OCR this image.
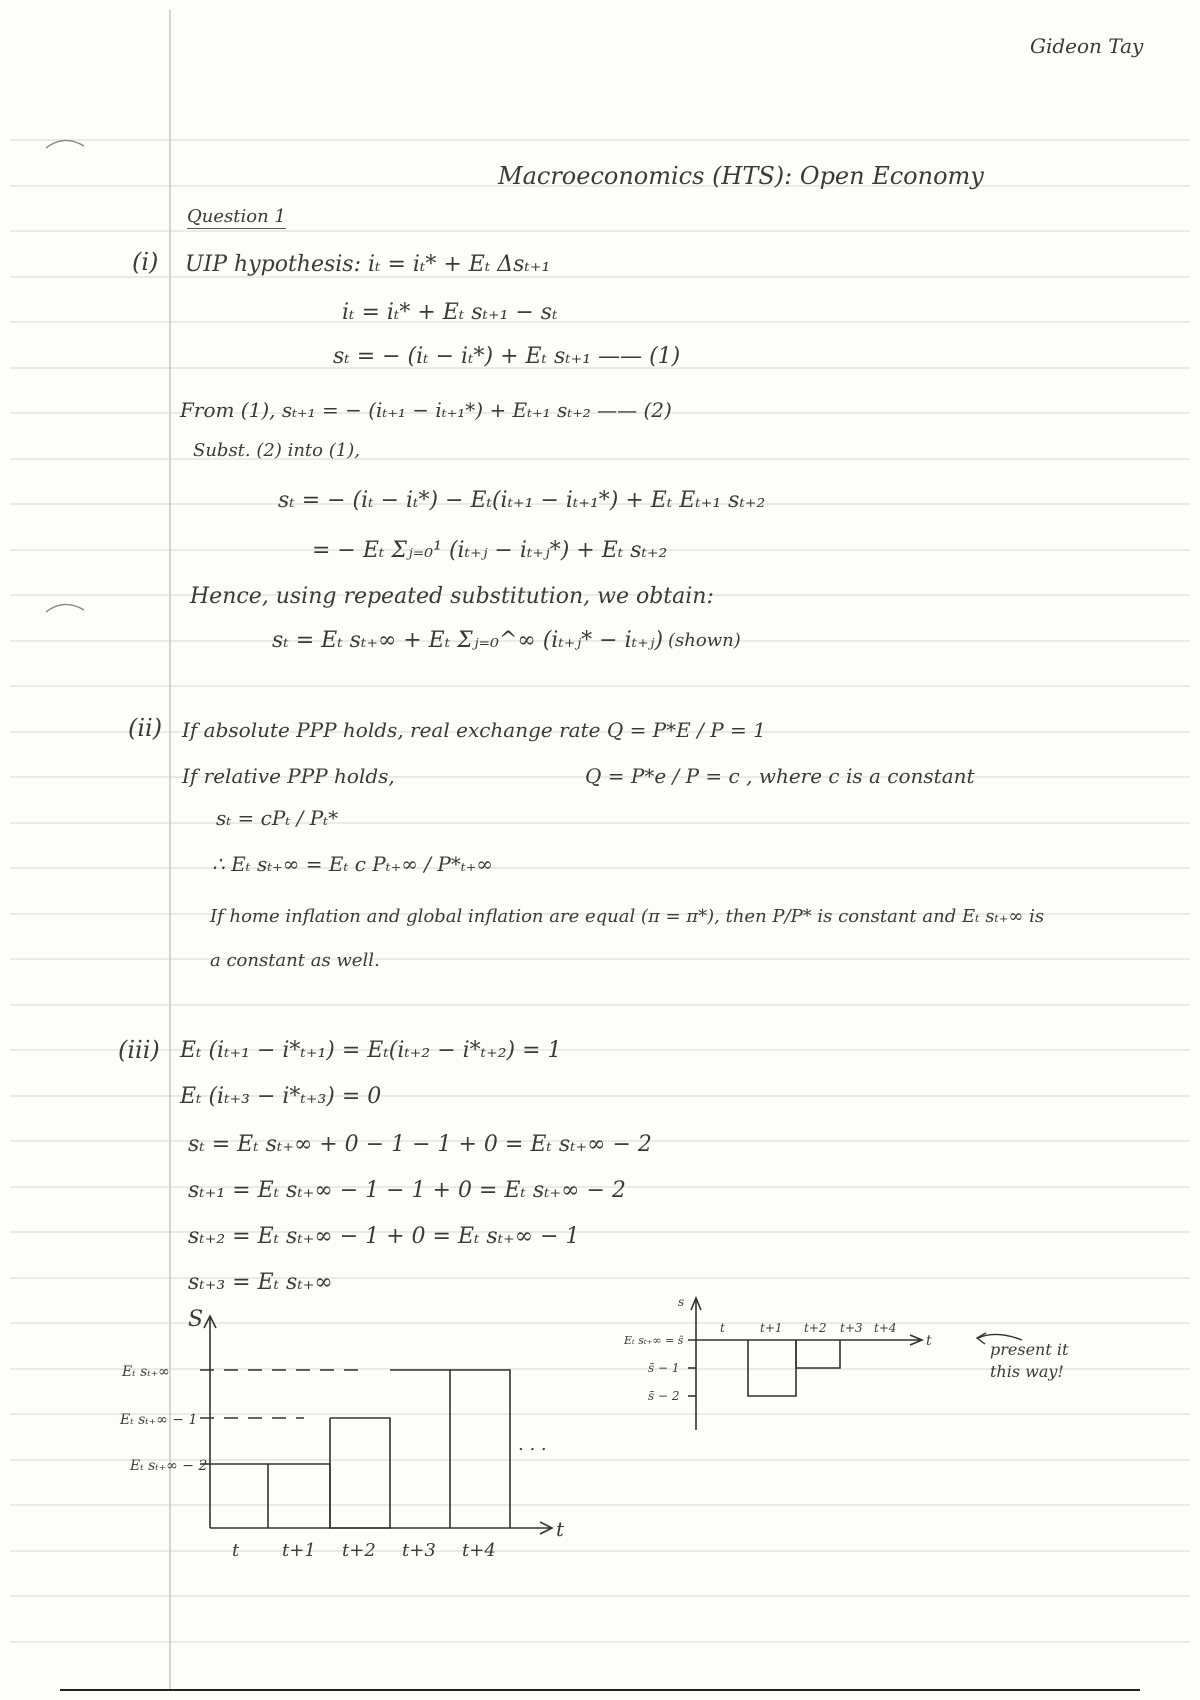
Gideon Tay
Macroeconomics (HTS): Open Economy
Question 1
(i) UIP hypothesis: iₜ = iₜ* + Eₜ Δsₜ₊₁
iₜ = iₜ* + Eₜ sₜ₊₁ − sₜ
sₜ = − (iₜ − iₜ*) + Eₜ sₜ₊₁ —— (1)
From (1), sₜ₊₁ = − (iₜ₊₁ − iₜ₊₁*) + Eₜ₊₁ sₜ₊₂ —— (2)
Subst. (2) into (1),
sₜ = − (iₜ − iₜ*) − Eₜ(iₜ₊₁ − iₜ₊₁*) + Eₜ Eₜ₊₁ sₜ₊₂
= − Eₜ Σⱼ₌₀¹ (iₜ₊ⱼ − iₜ₊ⱼ*) + Eₜ sₜ₊₂
Hence, using repeated substitution, we obtain:
sₜ = Eₜ sₜ₊∞ + Eₜ Σⱼ₌₀^∞ (iₜ₊ⱼ* − iₜ₊ⱼ) (shown)
(ii) If absolute PPP holds, real exchange rate Q = P*E / P = 1
If relative PPP holds,	Q = P*e / P = c , where c is a constant
sₜ = cPₜ / Pₜ*
∴ Eₜ sₜ₊∞ = Eₜ c Pₜ₊∞ / P*ₜ₊∞
If home inflation and global inflation are equal (π = π*), then P/P* is constant and Eₜ sₜ₊∞ is
a constant as well.
(iii) Eₜ (iₜ₊₁ − i*ₜ₊₁) = Eₜ(iₜ₊₂ − i*ₜ₊₂) = 1
Eₜ (iₜ₊₃ − i*ₜ₊₃) = 0
sₜ = Eₜ sₜ₊∞ + 0 − 1 − 1 + 0 = Eₜ sₜ₊∞ − 2
sₜ₊₁ = Eₜ sₜ₊∞ − 1 − 1 + 0 = Eₜ sₜ₊∞ − 2
sₜ₊₂ = Eₜ sₜ₊∞ − 1 + 0 = Eₜ sₜ₊∞ − 1
sₜ₊₃ = Eₜ sₜ₊∞
S
t
Eₜ sₜ₊∞
Eₜ sₜ₊∞ − 1
Eₜ sₜ₊∞ − 2
t t+1 t+2 t+3 t+4
. . .
s
t
Eₜ sₜ₊∞ = s̄
s̄ − 1
s̄ − 2
t	t+1 t+2 t+3 t+4
present it
this way!
